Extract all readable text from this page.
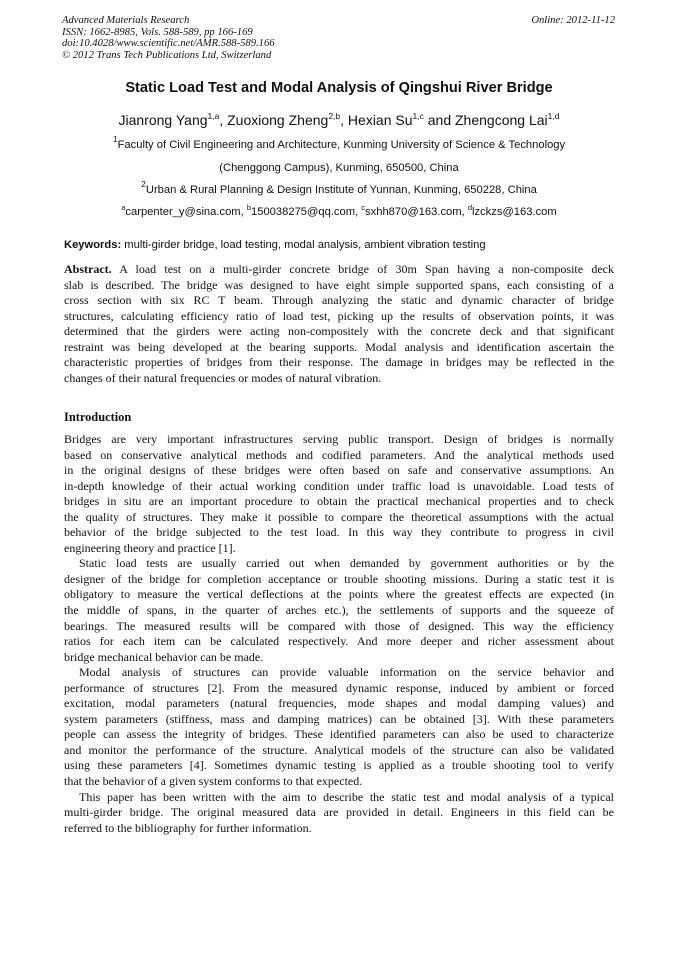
Advanced Materials Research
ISSN: 1662-8985, Vols. 588-589, pp 166-169
doi:10.4028/www.scientific.net/AMR.588-589.166
© 2012 Trans Tech Publications Ltd, Switzerland
Online: 2012-11-12
Static Load Test and Modal Analysis of Qingshui River Bridge
Jianrong Yang$^{1,a}$, Zuoxiong Zheng$^{2,b}$, Hexian Su$^{1,c}$ and Zhengcong Lai$^{1,d}$
$^1$Faculty of Civil Engineering and Architecture, Kunming University of Science & Technology
(Chenggong Campus), Kunming, 650500, China
$^2$Urban & Rural Planning & Design Institute of Yunnan, Kunming, 650228, China
$^a$carpenter_y@sina.com, $^b$150038275@qq.com, $^c$sxhh870@163.com, $^d$lzckzs@163.com
Keywords: multi-girder bridge, load testing, modal analysis, ambient vibration testing
Abstract. A load test on a multi-girder concrete bridge of 30m Span having a non-composite deck
slab is described. The bridge was designed to have eight simple supported spans, each consisting of a
cross section with six RC T beam. Through analyzing the static and dynamic character of bridge
structures, calculating efficiency ratio of load test, picking up the results of observation points, it was
determined that the girders were acting non-compositely with the concrete deck and that significant
restraint was being developed at the bearing supports. Modal analysis and identification ascertain the
characteristic properties of bridges from their response. The damage in bridges may be reflected in the
changes of their natural frequencies or modes of natural vibration.
Introduction
Bridges are very important infrastructures serving public transport. Design of bridges is normally
based on conservative analytical methods and codified parameters. And the analytical methods used
in the original designs of these bridges were often based on safe and conservative assumptions. An
in-depth knowledge of their actual working condition under traffic load is unavoidable. Load tests of
bridges in situ are an important procedure to obtain the practical mechanical properties and to check
the quality of structures. They make it possible to compare the theoretical assumptions with the actual
behavior of the bridge subjected to the test load. In this way they contribute to progress in civil
engineering theory and practice [1].
Static load tests are usually carried out when demanded by government authorities or by the
designer of the bridge for completion acceptance or trouble shooting missions. During a static test it is
obligatory to measure the vertical deflections at the points where the greatest effects are expected (in
the middle of spans, in the quarter of arches etc.), the settlements of supports and the squeeze of
bearings. The measured results will be compared with those of designed. This way the efficiency
ratios for each item can be calculated respectively. And more deeper and richer assessment about
bridge mechanical behavior can be made.
Modal analysis of structures can provide valuable information on the service behavior and
performance of structures [2]. From the measured dynamic response, induced by ambient or forced
excitation, modal parameters (natural frequencies, mode shapes and modal damping values) and
system parameters (stiffness, mass and damping matrices) can be obtained [3]. With these parameters
people can assess the integrity of bridges. These identified parameters can also be used to characterize
and monitor the performance of the structure. Analytical models of the structure can also be validated
using these parameters [4]. Sometimes dynamic testing is applied as a trouble shooting tool to verify
that the behavior of a given system conforms to that expected.
This paper has been written with the aim to describe the static test and modal analysis of a typical
multi-girder bridge. The original measured data are provided in detail. Engineers in this field can be
referred to the bibliography for further information.
